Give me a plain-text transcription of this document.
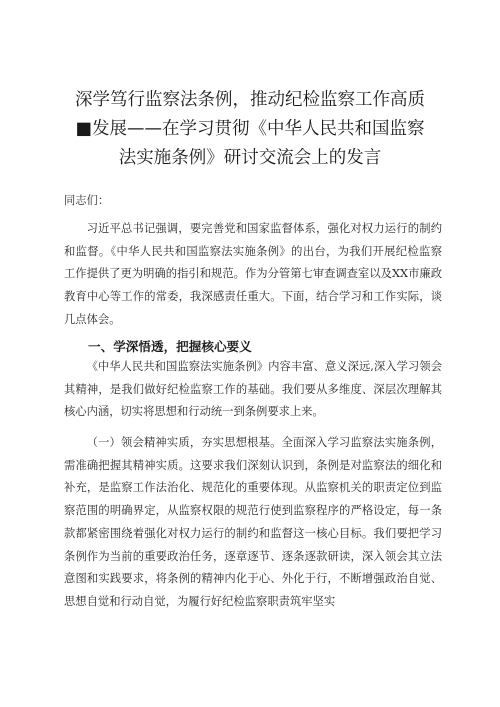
深学笃行监察法条例，推动纪检监察工作高质
■发展——在学习贯彻《中华人民共和国监察
法实施条例》研讨交流会上的发言
同志们：

习近平总书记强调，要完善党和国家监督体系，强化对权力运行的制约和监督。《中华人民共和国监察法实施条例》的出台，为我们开展纪检监察工作提供了更为明确的指引和规范。作为分管第七审查调查室以及XX市廉政教育中心等工作的常委，我深感责任重大。下面，结合学习和工作实际，谈几点体会。

一、学深悟透，把握核心要义

《中华人民共和国监察法实施条例》内容丰富、意义深远,深入学习领会其精神，是我们做好纪检监察工作的基础。我们要从多维度、深层次理解其核心内涵，切实将思想和行动统一到条例要求上来。

（一）领会精神实质，夯实思想根基。全面深入学习监察法实施条例，需准确把握其精神实质。这要求我们深刻认识到，条例是对监察法的细化和补充，是监察工作法治化、规范化的重要体现。从监察机关的职责定位到监察范围的明确界定，从监察权限的规范行使到监察程序的严格设定，每一条款都紧密围绕着强化对权力运行的制约和监督这一核心目标。我们要把学习条例作为当前的重要政治任务，逐章逐节、逐条逐款研读，深入领会其立法意图和实践要求，将条例的精神内化于心、外化于行，不断增强政治自觉、思想自觉和行动自觉，为履行好纪检监察职责筑牢坚实
